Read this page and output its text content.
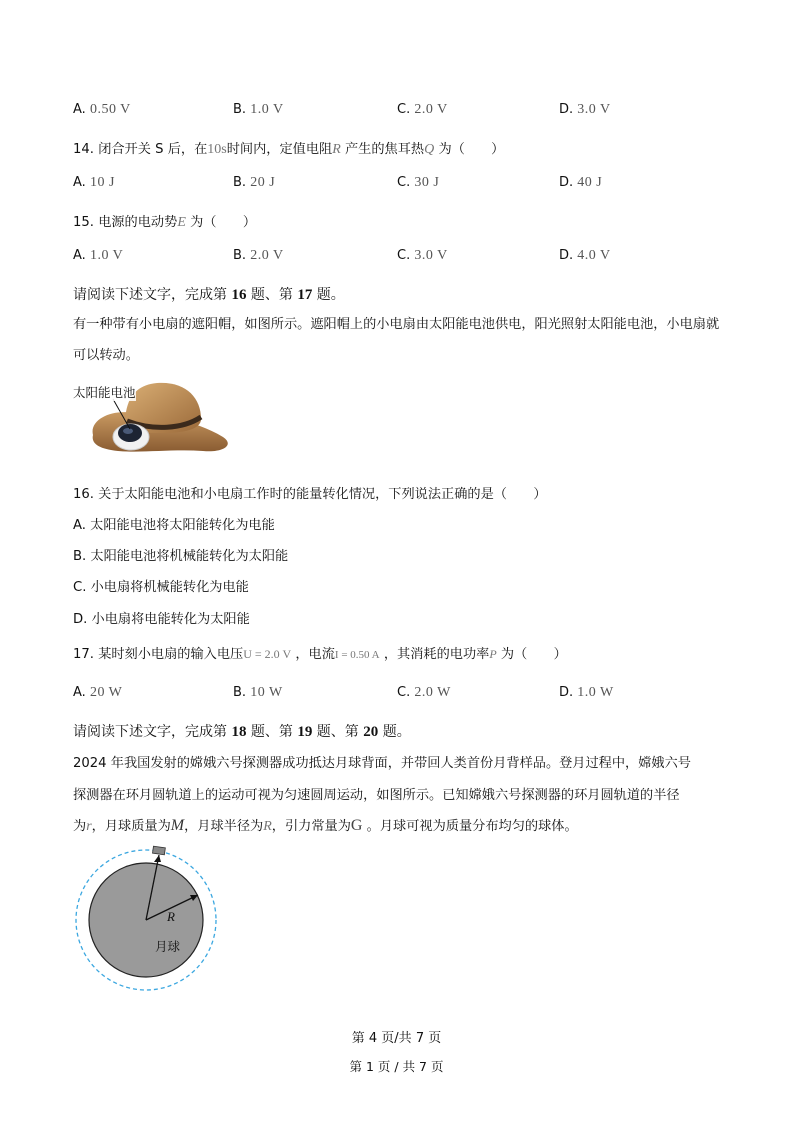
A. 0.50 V	B. 1.0 V	C. 2.0 V	D. 3.0 V
14. 闭合开关 S 后，在10s时间内，定值电阻R 产生的焦耳热Q 为（　　）
A. 10 J	B. 20 J	C. 30 J	D. 40 J
15. 电源的电动势E 为（　　）
A. 1.0 V	B. 2.0 V	C. 3.0 V	D. 4.0 V
请阅读下述文字，完成第 16 题、第 17 题。
有一种带有小电扇的遮阳帽，如图所示。遮阳帽上的小电扇由太阳能电池供电，阳光照射太阳能电池，小电扇就可以转动。
太阳能电池
16. 关于太阳能电池和小电扇工作时的能量转化情况，下列说法正确的是（　　）
A. 太阳能电池将太阳能转化为电能
B. 太阳能电池将机械能转化为太阳能
C. 小电扇将机械能转化为电能
D. 小电扇将电能转化为太阳能
17. 某时刻小电扇的输入电压U = 2.0 V ，电流I = 0.50 A ，其消耗的电功率P 为（　　）
A. 20 W	B. 10 W	C. 2.0 W	D. 1.0 W
请阅读下述文字，完成第 18 题、第 19 题、第 20 题。
2024 年我国发射的嫦娥六号探测器成功抵达月球背面，并带回人类首份月背样品。登月过程中，嫦娥六号
探测器在环月圆轨道上的运动可视为匀速圆周运动，如图所示。已知嫦娥六号探测器的环月圆轨道的半径
为r，月球质量为M，月球半径为R，引力常量为G 。月球可视为质量分布均匀的球体。
R
月球
第 4 页/共 7 页
第 1 页 / 共 7 页
